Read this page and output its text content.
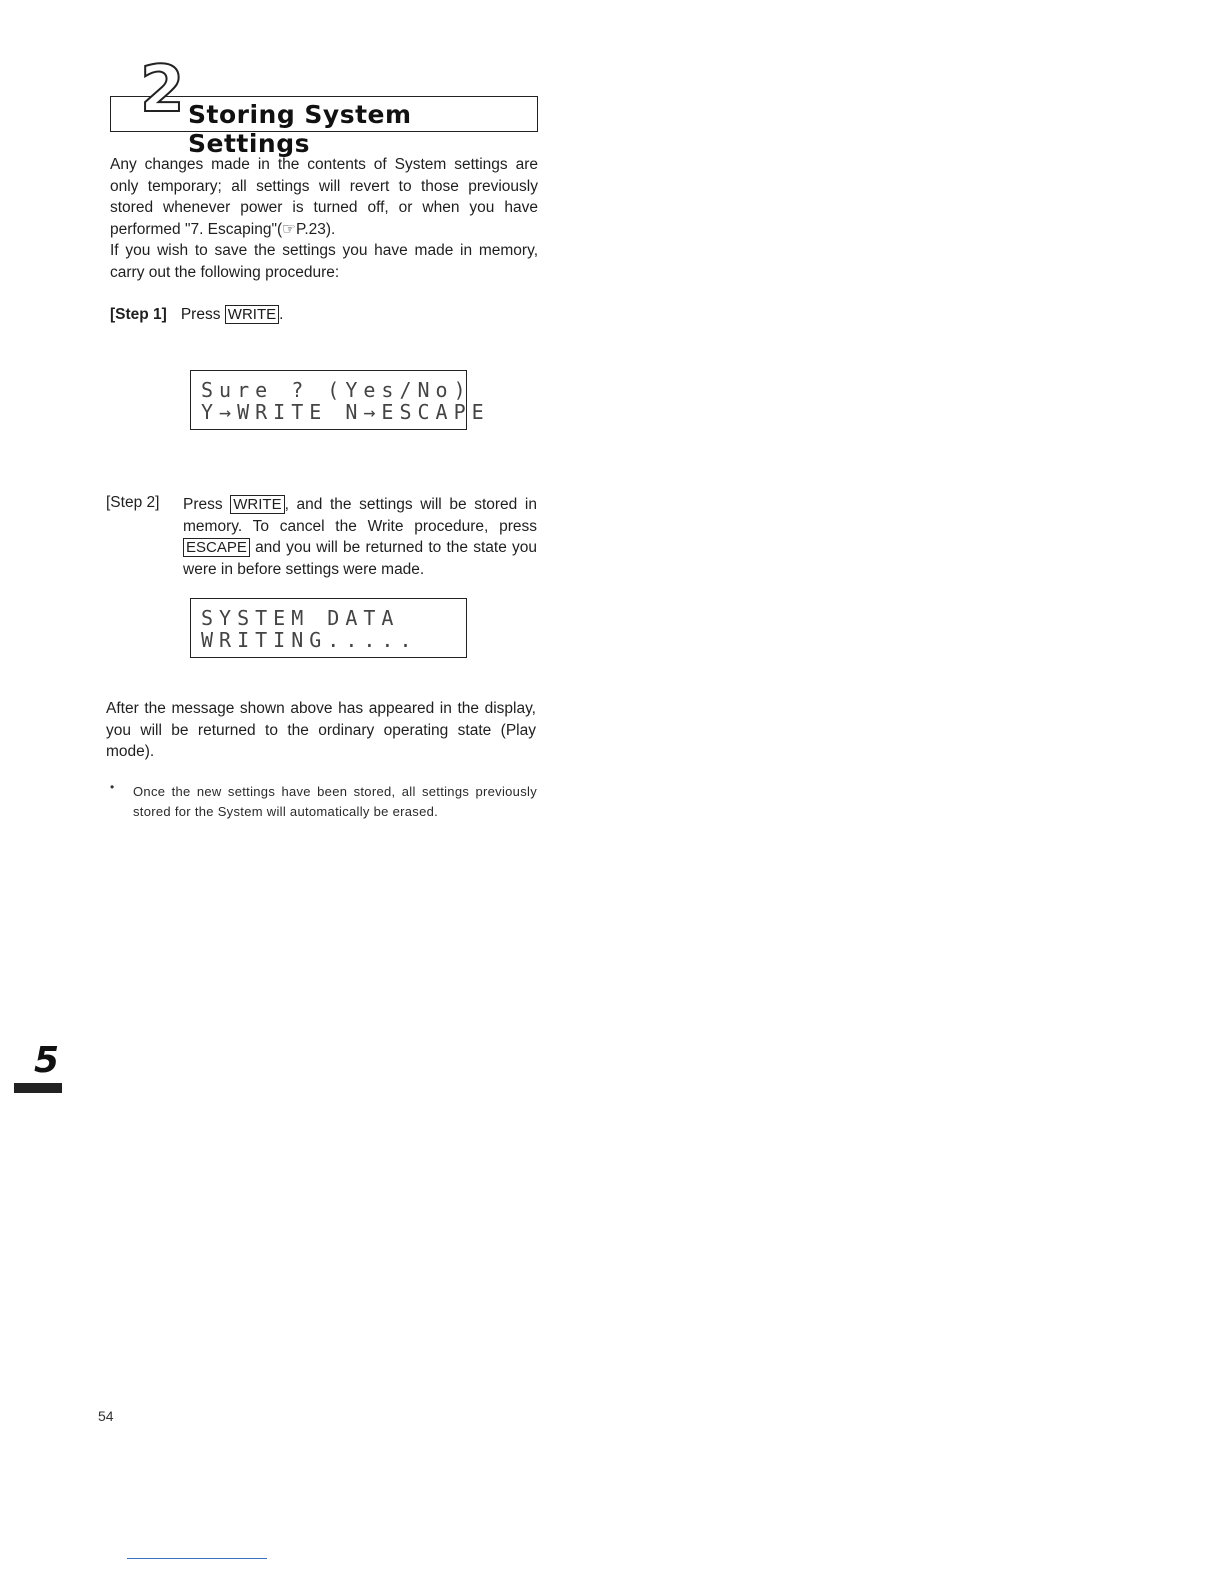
2 Storing System Settings
Any changes made in the contents of System settings are only temporary; all settings will revert to those previously stored whenever power is turned off, or when you have performed "7. Escaping"(☞P.23).
If you wish to save the settings you have made in memory, carry out the following procedure:
[Step 1] Press WRITE .
Sure ? (Yes/No)
Y→WRITE N→ESCAPE
[Step 2] Press WRITE , and the settings will be stored in memory. To cancel the Write procedure, press ESCAPE and you will be returned to the state you were in before settings were made.
SYSTEM DATA
WRITING.....
After the message shown above has appeared in the display, you will be returned to the ordinary operating state (Play mode).
• Once the new settings have been stored, all settings previously stored for the System will automatically be erased.
5
54
